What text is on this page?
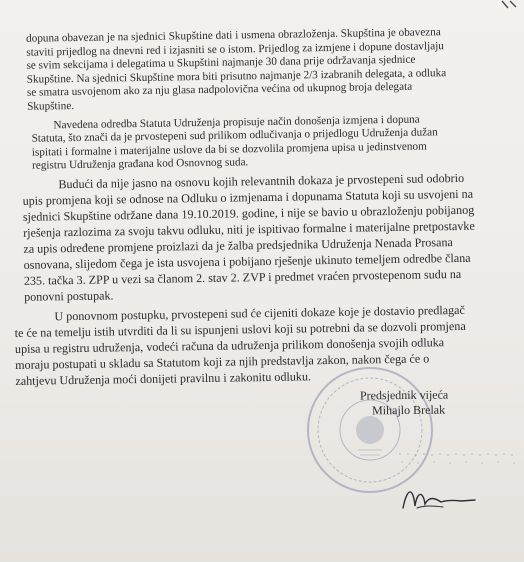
dopuna obavezan je na sjednici Skupštine dati i usmena obrazloženja. Skupština je obavezna
staviti prijedlog na dnevni red i izjasniti se o istom. Prijedlog za izmjene i dopune dostavljaju
se svim sekcijama i delegatima u Skupštini najmanje 30 dana prije održavanja sjednice
Skupštine. Na sjednici Skupštine mora biti prisutno najmanje 2/3 izabranih delegata, a odluka
se smatra usvojenom ako za nju glasa nadpolovična većina od ukupnog broja delegata
Skupštine.

Navedena odredba Statuta Udruženja propisuje način donošenja izmjena i dopuna
Statuta, što znači da je prvostepeni sud prilikom odlučivanja o prijedlogu Udruženja dužan
ispitati i formalne i materijalne uslove da bi se dozvolila promjena upisa u jedinstvenom
registru Udruženja građana kod Osnovnog suda.

Budući da nije jasno na osnovu kojih relevantnih dokaza je prvostepeni sud odobrio
upis promjena koji se odnose na Odluku o izmjenama i dopunama Statuta koji su usvojeni na
sjednici Skupštine održane dana 19.10.2019. godine, i nije se bavio u obrazloženju pobijanog
rješenja razlozima za svoju takvu odluku, niti je ispitivao formalne i materijalne pretpostavke
za upis određene promjene proizlazi da je žalba predsjednika Udruženja Nenada Prosana
osnovana, slijedom čega je ista usvojena i pobijano rješenje ukinuto temeljem odredbe člana
235. tačka 3. ZPP u vezi sa članom 2. stav 2. ZVP i predmet vraćen prvostepenom sudu na
ponovni postupak.

U ponovnom postupku, prvostepeni sud će cijeniti dokaze koje je dostavio predlagač
te će na temelju istih utvrditi da li su ispunjeni uslovi koji su potrebni da se dozvoli promjena
upisa u registru udruženja, vodeći računa da udruženja prilikom donošenja svojih odluka
moraju postupati u skladu sa Statutom koji za njih predstavlja zakon, nakon čega će o
zahtjevu Udruženja moći donijeti pravilnu i zakonitu odluku.

Predsjednik vijeća
Mihajlo Brelak
